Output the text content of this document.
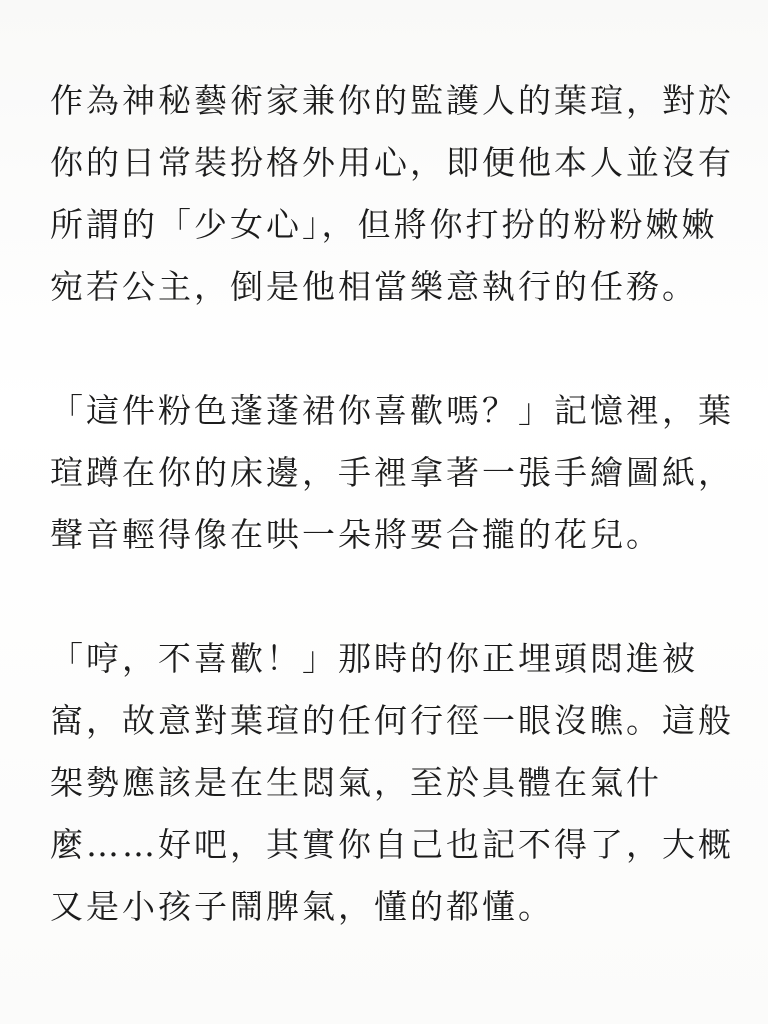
作為神秘藝術家兼你的監護人的葉瑄，對於
你的日常裝扮格外用心，即便他本人並沒有
所謂的「少女心」，但將你打扮的粉粉嫩嫩
宛若公主，倒是他相當樂意執行的任務。
「這件粉色蓬蓬裙你喜歡嗎？」記憶裡，葉
瑄蹲在你的床邊，手裡拿著一張手繪圖紙，
聲音輕得像在哄一朵將要合攏的花兒。
「哼，不喜歡！」那時的你正埋頭悶進被
窩，故意對葉瑄的任何行徑一眼沒瞧。這般
架勢應該是在生悶氣，至於具體在氣什
麼……好吧，其實你自己也記不得了，大概
又是小孩子鬧脾氣，懂的都懂。
